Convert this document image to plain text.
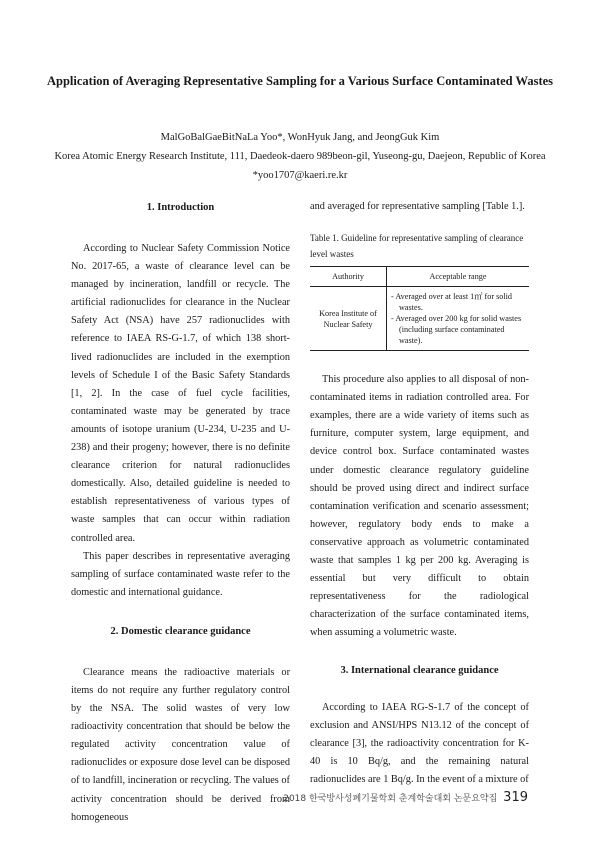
Application of Averaging Representative Sampling for a Various Surface Contaminated Wastes
MalGoBalGaeBitNaLa Yoo*, WonHyuk Jang, and JeongGuk Kim
Korea Atomic Energy Research Institute, 111, Daedeok-daero 989beon-gil, Yuseong-gu, Daejeon, Republic of Korea
*yoo1707@kaeri.re.kr
1. Introduction

According to Nuclear Safety Commission Notice No. 2017-65, a waste of clearance level can be managed by incineration, landfill or recycle. The artificial radionuclides for clearance in the Nuclear Safety Act (NSA) have 257 radionuclides with reference to IAEA RS-G-1.7, of which 138 short-lived radionuclides are included in the exemption levels of Schedule I of the Basic Safety Standards [1, 2]. In the case of fuel cycle facilities, contaminated waste may be generated by trace amounts of isotope uranium (U-234, U-235 and U-238) and their progeny; however, there is no definite clearance criterion for natural radionuclides domestically. Also, detailed guideline is needed to establish representativeness of various types of waste samples that can occur within radiation controlled area.

This paper describes in representative averaging sampling of surface contaminated waste refer to the domestic and international guidance.

2. Domestic clearance guidance

Clearance means the radioactive materials or items do not require any further regulatory control by the NSA. The solid wastes of very low radioactivity concentration that should be below the regulated activity concentration value of radionuclides or exposure dose level can be disposed of to landfill, incineration or recycling. The values of activity concentration should be derived from homogeneous

and averaged for representative sampling [Table 1.].

Table 1. Guideline for representative sampling of clearance level wastes

Authority	Acceptable range
Korea Institute of Nuclear Safety	- Averaged over at least 1㎡ for solid wastes.
- Averaged over 200 kg for solid wastes (including surface contaminated waste).

This procedure also applies to all disposal of non-contaminated items in radiation controlled area. For examples, there are a wide variety of items such as furniture, computer system, large equipment, and device control box. Surface contaminated wastes under domestic clearance regulatory guideline should be proved using direct and indirect surface contamination verification and scenario assessment; however, regulatory body ends to make a conservative approach as volumetric contaminated waste that samples 1 kg per 200 kg. Averaging is essential but very difficult to obtain representativeness for the radiological characterization of the surface contaminated items, when assuming a volumetric waste.

3. International clearance guidance

According to IAEA RG-S-1.7 of the concept of exclusion and ANSI/HPS N13.12 of the concept of clearance [3], the radioactivity concentration for K-40 is 10 Bq/g, and the remaining natural radionuclides are 1 Bq/g. In the event of a mixture of

2018 한국방사성폐기물학회 춘계학술대회 논문요약집 319
